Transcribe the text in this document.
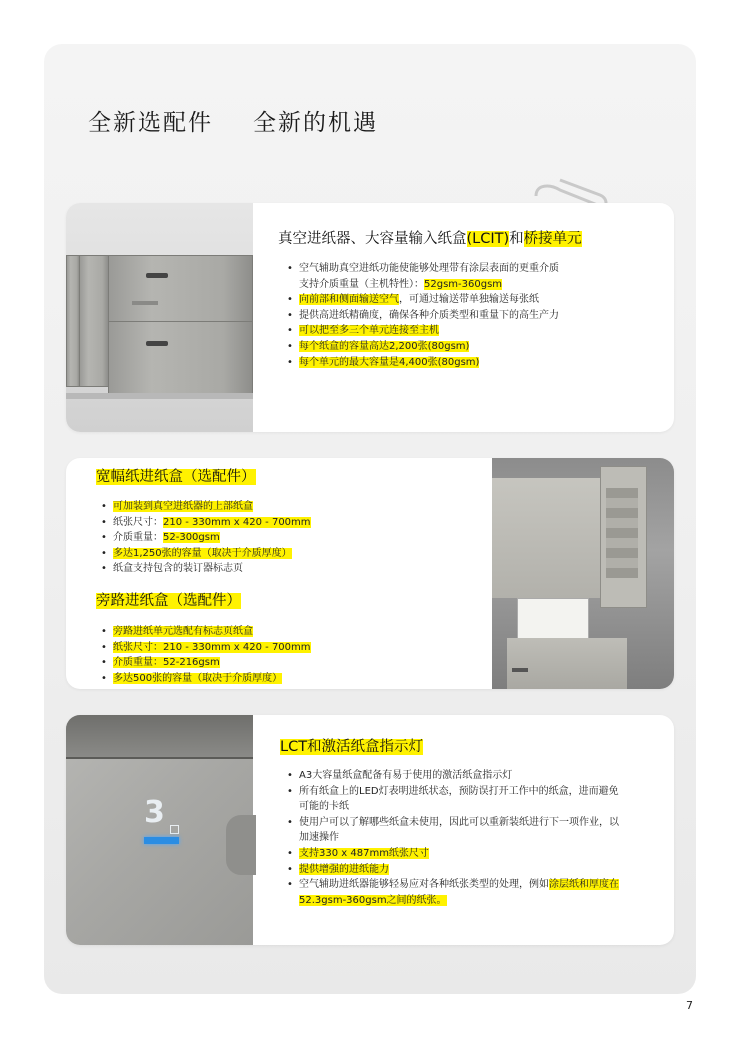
全新选配件 全新的机遇
真空进纸器、大容量输入纸盒(LCIT)和桥接单元
• 空气辅助真空进纸功能使能够处理带有涂层表面的更重介质
支持介质重量（主机特性）：52gsm-360gsm
• 向前部和侧面输送空气，可通过输送带单独输送每张纸
• 提供高进纸精确度，确保各种介质类型和重量下的高生产力
• 可以把至多三个单元连接至主机
• 每个纸盒的容量高达2,200张(80gsm)
• 每个单元的最大容量是4,400张(80gsm)
宽幅纸进纸盒（选配件）
• 可加装到真空进纸器的上部纸盒
• 纸张尺寸：210 - 330mm x 420 - 700mm
• 介质重量：52-300gsm
• 多达1,250张的容量（取决于介质厚度）
• 纸盒支持包含的装订器标志页
旁路进纸盒（选配件）
• 旁路进纸单元选配有标志页纸盒
• 纸张尺寸：210 - 330mm x 420 - 700mm
• 介质重量：52-216gsm
• 多达500张的容量（取决于介质厚度）
3
LCT和激活纸盒指示灯
• A3大容量纸盒配备有易于使用的激活纸盒指示灯
• 所有纸盒上的LED灯表明进纸状态，预防误打开工作中的纸盒，进而避免
可能的卡纸
• 使用户可以了解哪些纸盒未使用，因此可以重新装纸进行下一项作业，以
加速操作
• 支持330 x 487mm纸张尺寸
• 提供增强的进纸能力
• 空气辅助进纸器能够轻易应对各种纸张类型的处理，例如涂层纸和厚度在
52.3gsm-360gsm之间的纸张。
7
